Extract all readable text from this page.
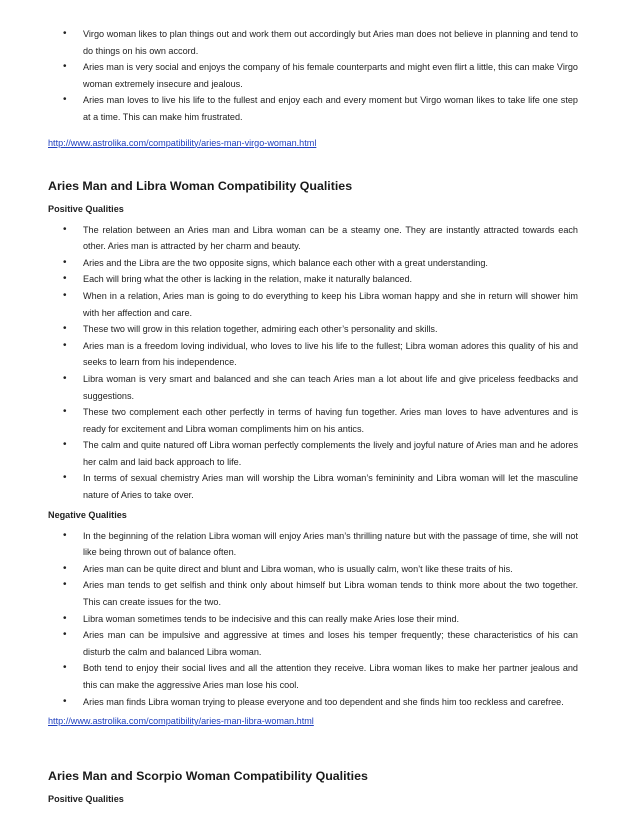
• Virgo woman likes to plan things out and work them out accordingly but Aries man does not believe in planning and tend to do things on his own accord.
• Aries man is very social and enjoys the company of his female counterparts and might even flirt a little, this can make Virgo woman extremely insecure and jealous.
• Aries man loves to live his life to the fullest and enjoy each and every moment but Virgo woman likes to take life one step at a time. This can make him frustrated.
http://www.astrolika.com/compatibility/aries-man-virgo-woman.html
Aries Man and Libra Woman Compatibility Qualities

Positive Qualities

• The relation between an Aries man and Libra woman can be a steamy one. They are instantly attracted towards each other. Aries man is attracted by her charm and beauty.
• Aries and the Libra are the two opposite signs, which balance each other with a great understanding.
• Each will bring what the other is lacking in the relation, make it naturally balanced.
• When in a relation, Aries man is going to do everything to keep his Libra woman happy and she in return will shower him with her affection and care.
• These two will grow in this relation together, admiring each other’s personality and skills.
• Aries man is a freedom loving individual, who loves to live his life to the fullest; Libra woman adores this quality of his and seeks to learn from his independence.
• Libra woman is very smart and balanced and she can teach Aries man a lot about life and give priceless feedbacks and suggestions.
• These two complement each other perfectly in terms of having fun together. Aries man loves to have adventures and is ready for excitement and Libra woman compliments him on his antics.
• The calm and quite natured off Libra woman perfectly complements the lively and joyful nature of Aries man and he adores her calm and laid back approach to life.
• In terms of sexual chemistry Aries man will worship the Libra woman’s femininity and Libra woman will let the masculine nature of Aries to take over.

Negative Qualities

• In the beginning of the relation Libra woman will enjoy Aries man’s thrilling nature but with the passage of time, she will not like being thrown out of balance often.
• Aries man can be quite direct and blunt and Libra woman, who is usually calm, won’t like these traits of his.
• Aries man tends to get selfish and think only about himself but Libra woman tends to think more about the two together. This can create issues for the two.
• Libra woman sometimes tends to be indecisive and this can really make Aries lose their mind.
• Aries man can be impulsive and aggressive at times and loses his temper frequently; these characteristics of his can disturb the calm and balanced Libra woman.
• Both tend to enjoy their social lives and all the attention they receive. Libra woman likes to make her partner jealous and this can make the aggressive Aries man lose his cool.
• Aries man finds Libra woman trying to please everyone and too dependent and she finds him too reckless and carefree.
http://www.astrolika.com/compatibility/aries-man-libra-woman.html
Aries Man and Scorpio Woman Compatibility Qualities

Positive Qualities
